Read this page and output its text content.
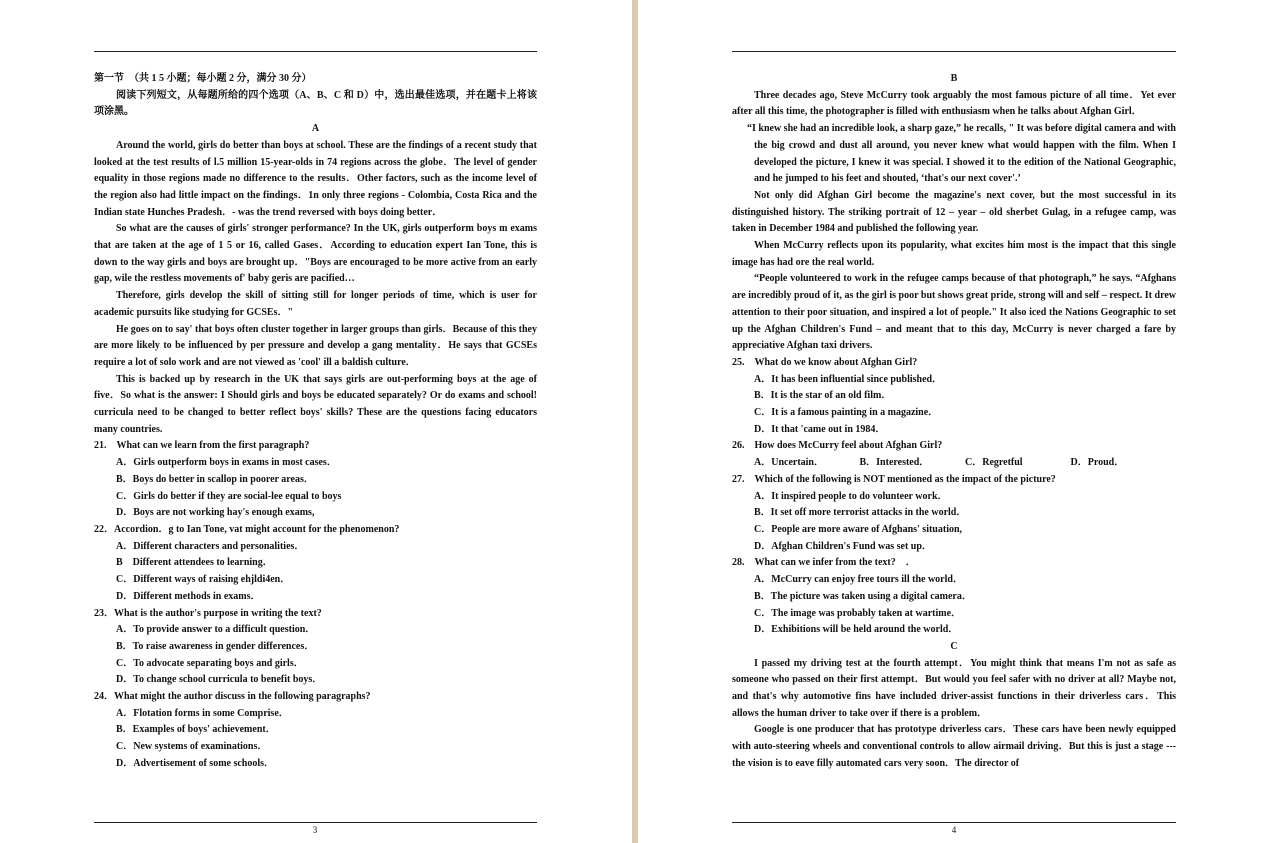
第一节　（共 1 5 小题；每小题 2 分，满分 30 分）

阅读下列短文，从每题所给的四个选项（A、B、C 和 D）中，选出最佳选项，并在题卡上将该项涂黑。

A

Around the world, girls do better than boys at school. These are the findings of a recent study that looked at the test results of l.5 million 15-year-olds in 74 regions across the globe．The level of gender equality in those regions made no difference to the results．Other factors, such as the income level of the region also had little impact on the findings．1n only three regions - Colombia, Costa Rica and the Indian state Hunches Pradesh．- was the trend reversed with boys doing better．

So what are the causes of girls' stronger performance? In the UK, girls outperform boys m exams that are taken at the age of 1 5 or 16, called Gases．According to education expert Ian Tone, this is down to the way girls and boys are brought up．"Boys are encouraged to be more active from an early gap, wile the restless movements of' baby geris are pacified…

Therefore, girls develop the skill of sitting still for longer periods of time, which is user for academic pursuits like studying for GCSEs．"

He goes on to say' that boys often cluster together in larger groups than girls．Because of this they are more likely to be influenced by per pressure and develop a gang mentality．He says that GCSEs require a lot of solo work and are not viewed as 'cool' ill a baldish culture．

This is backed up by research in the UK that says girls are out-performing boys at the age of five．So what is the answer: I Should girls and boys be educated separately? Or do exams and school! curricula need to be changed to better reflect boys' skills? These are the questions facing educators many countries.

21.　What can we learn from the first paragraph?

A．Girls outperform boys in exams in most cases．

B．Boys do better in scallop in poorer areas．

C．Girls do better if they are social-lee equal to boys

D．Boys are not working hay's enough exams,

22．Accordion．g to Ian Tone, vat might account for the phenomenon?

A．Different characters and personalities．

B　Different attendees to learning．

C．Different ways of raising ehjldi4en．

D．Different methods in exams．

23．What is the author's purpose in writing the text?

A．To provide answer to a difficult question．

B．To raise awareness in gender differences．

C．To advocate separating boys and girls．

D．To change school curricula to benefit boys．

24．What might the author discuss in the following paragraphs?

A．Flotation forms in some Comprise．

B．Examples of boys' achievement．

C．New systems of examinations．

D．Advertisement of some schools．

3

B

Three decades ago, Steve McCurry took arguably the most famous picture of all time．Yet ever after all this time, the photographer is filled with enthusiasm when he talks about Afghan Girl．

“I knew she had an incredible look, a sharp gaze,” he recalls, " It was before digital camera and with the big crowd and dust all around, you never knew what would happen with the film. When I developed the picture, I knew it was special. I showed it to the edition of the National Geographic, and he jumped to his feet and shouted, ‘that's our next cover'.’

Not only did Afghan Girl become the magazine's next cover, but the most successful in its distinguished history. The striking portrait of 12 – year – old sherbet Gulag, in a refugee camp, was taken in December 1984 and published the following year.

When McCurry reflects upon its popularity, what excites him most is the impact that this single image has had ore the real world.

“People volunteered to work in the refugee camps because of that photograph,” he says. “Afghans are incredibly proud of it, as the girl is poor but shows great pride, strong will and self – respect. It drew attention to their poor situation, and inspired a lot of people." It also iced the Nations Geographic to set up the Afghan Children's Fund – and meant that to this day, McCurry is never charged a fare by appreciative Afghan taxi drivers.

25.　What do we know about Afghan Girl?

A．It has been influential since published．

B．It is the star of an old film．

C．It is a famous painting in a magazine．

D．It that 'came out in 1984．

26.　How does McCurry feel about Afghan Girl?

A．Uncertain．	B．Interested．	C．Regretful	D．Proud．

27.　Which of the following is NOT mentioned as the impact of the picture?

A．It inspired people to do volunteer work．

B．It set off more terrorist attacks in the world．

C．People are more aware of Afghans' situation,

D．Afghan Children's Fund was set up．

28.　What can we infer from the text?　．

A．McCurry can enjoy free tours ill the world．

B．The picture was taken using a digital camera．

C．The image was probably taken at wartime．

D．Exhibitions will be held around the world．

C

I passed my driving test at the fourth attempt．You might think that means I'm not as safe as someone who passed on their first attempt．But would you feel safer with no driver at all? Maybe not, and that's why automotive fins have included driver-assist functions in their driverless cars．This allows the human driver to take over if there is a problem．

Google is one producer that has prototype driverless cars．These cars have been newly equipped with auto-steering wheels and conventional controls to allow airmail driving．But this is just a stage --- the vision is to eave filly automated cars very soon．The director of

4
